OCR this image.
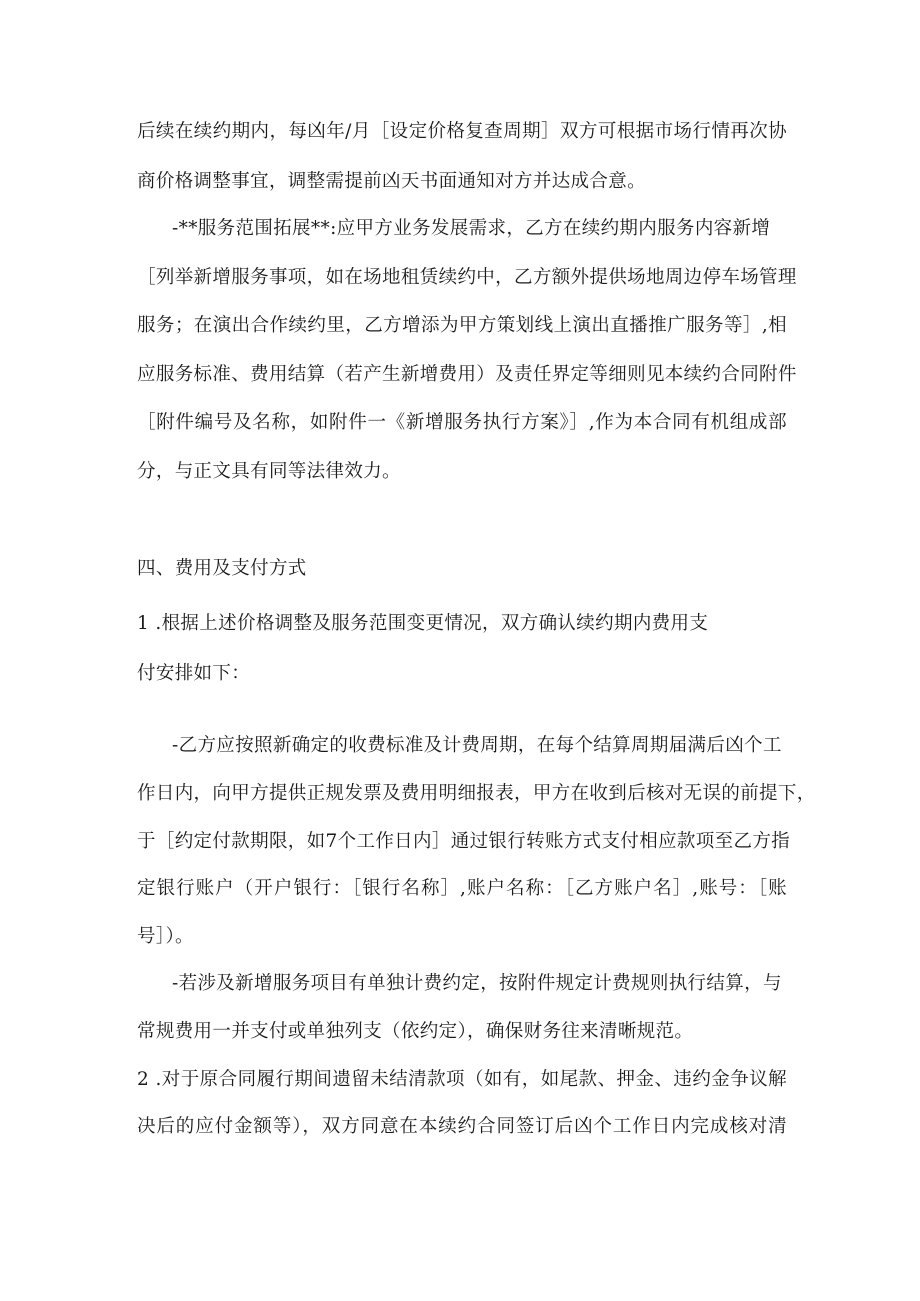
后续在续约期内，每凶年/月［设定价格复查周期］双方可根据市场行情再次协
商价格调整事宜，调整需提前凶天书面通知对方并达成合意。
-**服务范围拓展**:应甲方业务发展需求，乙方在续约期内服务内容新增
［列举新增服务事项，如在场地租赁续约中，乙方额外提供场地周边停车场管理
服务；在演出合作续约里，乙方增添为甲方策划线上演出直播推广服务等］,相
应服务标准、费用结算（若产生新增费用）及责任界定等细则见本续约合同附件
［附件编号及名称，如附件一《新增服务执行方案》］,作为本合同有机组成部
分，与正文具有同等法律效力。
四、费用及支付方式
1 .根据上述价格调整及服务范围变更情况，双方确认续约期内费用支
付安排如下：
-乙方应按照新确定的收费标准及计费周期，在每个结算周期届满后凶个工
作日内，向甲方提供正规发票及费用明细报表，甲方在收到后核对无误的前提下，
于［约定付款期限，如7个工作日内］通过银行转账方式支付相应款项至乙方指
定银行账户（开户银行：［银行名称］,账户名称：［乙方账户名］,账号：［账
号］）。
-若涉及新增服务项目有单独计费约定，按附件规定计费规则执行结算，与
常规费用一并支付或单独列支（依约定），确保财务往来清晰规范。
2 .对于原合同履行期间遗留未结清款项（如有，如尾款、押金、违约金争议解
决后的应付金额等），双方同意在本续约合同签订后凶个工作日内完成核对清
